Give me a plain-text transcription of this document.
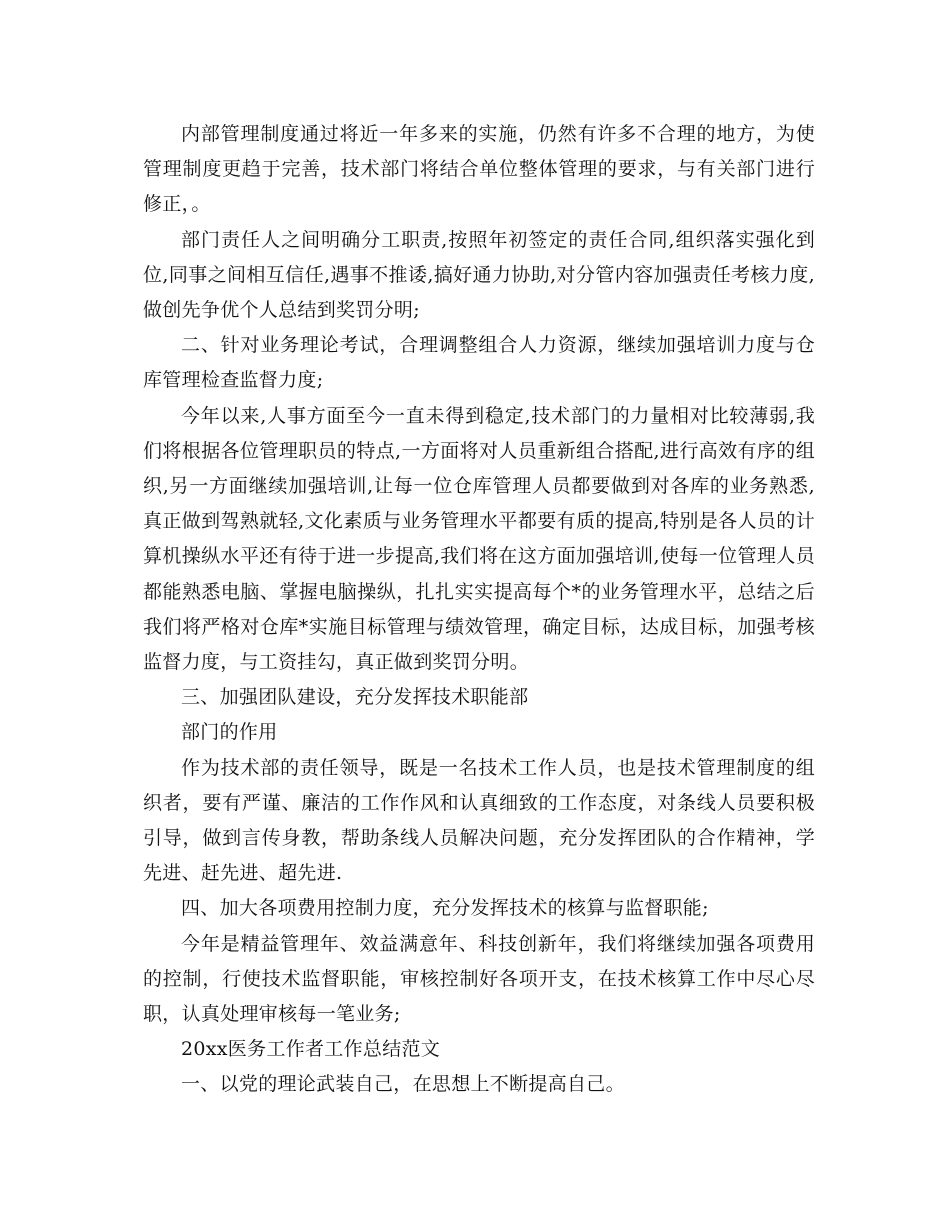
内部管理制度通过将近一年多来的实施，仍然有许多不合理的地方，为使管理制度更趋于完善，技术部门将结合单位整体管理的要求，与有关部门进行修正，。

部门责任人之间明确分工职责,按照年初签定的责任合同,组织落实强化到位,同事之间相互信任,遇事不推诿,搞好通力协助,对分管内容加强责任考核力度,做创先争优个人总结到奖罚分明;

二、针对业务理论考试，合理调整组合人力资源，继续加强培训力度与仓库管理检查监督力度;

今年以来,人事方面至今一直未得到稳定,技术部门的力量相对比较薄弱,我们将根据各位管理职员的特点,一方面将对人员重新组合搭配,进行高效有序的组织,另一方面继续加强培训,让每一位仓库管理人员都要做到对各库的业务熟悉,真正做到驾熟就轻,文化素质与业务管理水平都要有质的提高,特别是各人员的计算机操纵水平还有待于进一步提高,我们将在这方面加强培训,使每一位管理人员都能熟悉电脑、掌握电脑操纵，扎扎实实提高每个*的业务管理水平，总结之后我们将严格对仓库*实施目标管理与绩效管理，确定目标，达成目标，加强考核监督力度，与工资挂勾，真正做到奖罚分明。

三、加强团队建设，充分发挥技术职能部

部门的作用

作为技术部的责任领导，既是一名技术工作人员，也是技术管理制度的组织者，要有严谨、廉洁的工作作风和认真细致的工作态度，对条线人员要积极引导，做到言传身教，帮助条线人员解决问题，充分发挥团队的合作精神，学先进、赶先进、超先进.

四、加大各项费用控制力度，充分发挥技术的核算与监督职能;

今年是精益管理年、效益满意年、科技创新年，我们将继续加强各项费用的控制，行使技术监督职能，审核控制好各项开支，在技术核算工作中尽心尽职，认真处理审核每一笔业务;

20xx医务工作者工作总结范文

一、以党的理论武装自己，在思想上不断提高自己。
